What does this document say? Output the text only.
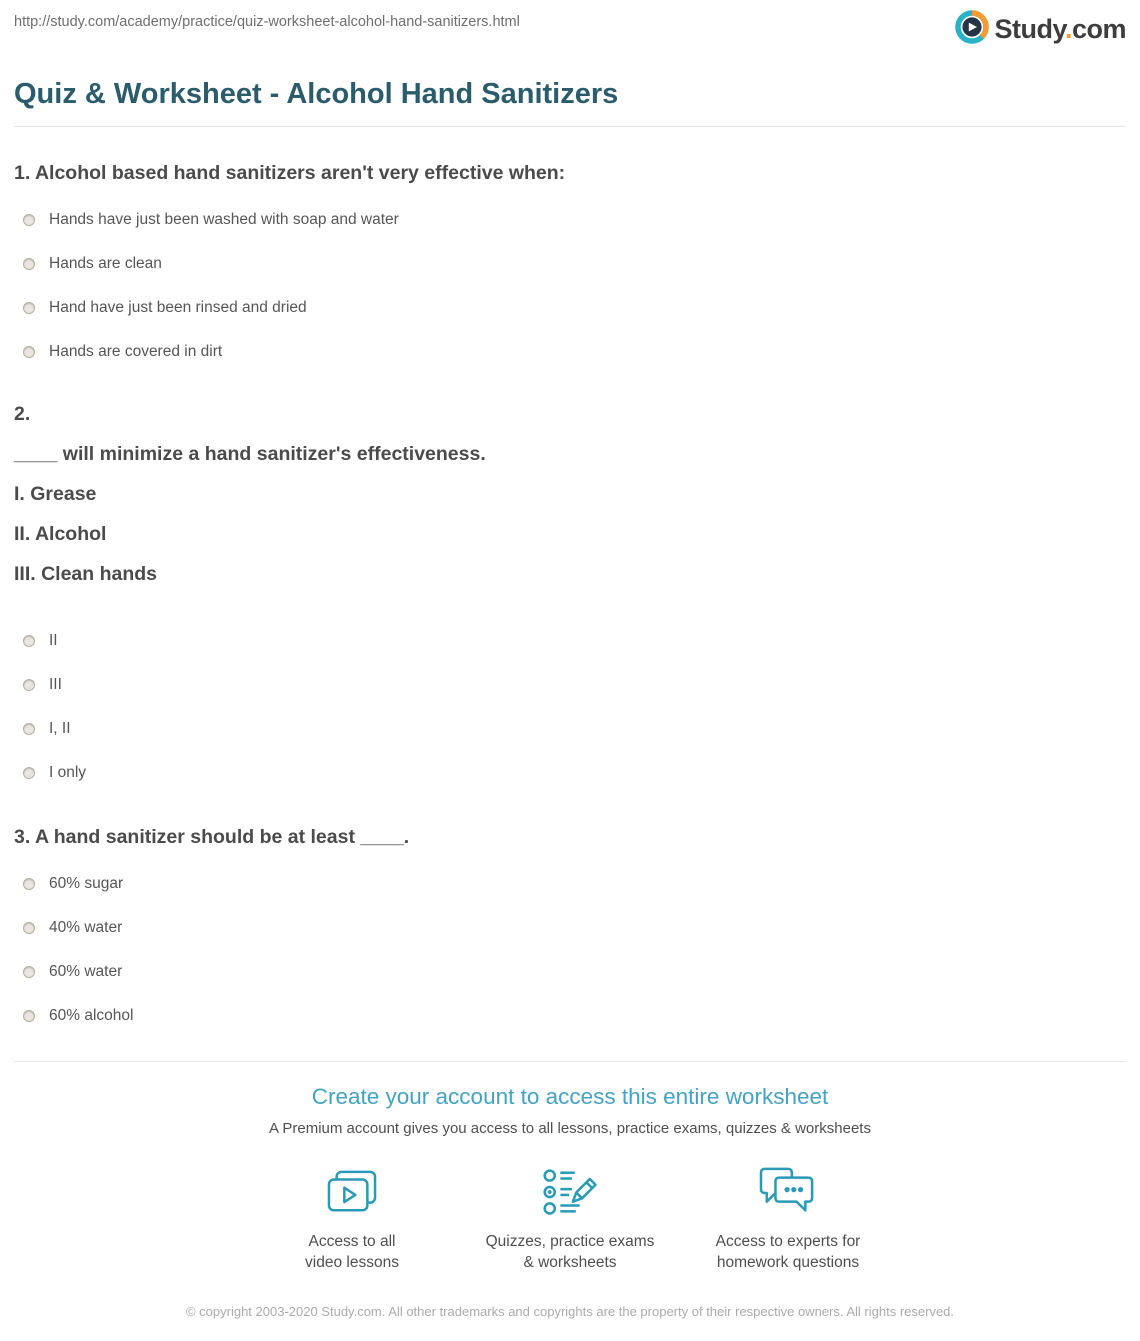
http://study.com/academy/practice/quiz-worksheet-alcohol-hand-sanitizers.html	Study.com
Quiz & Worksheet - Alcohol Hand Sanitizers
1. Alcohol based hand sanitizers aren't very effective when:
Hands have just been washed with soap and water
Hands are clean
Hand have just been rinsed and dried
Hands are covered in dirt
2.
____ will minimize a hand sanitizer's effectiveness.
I. Grease
II. Alcohol
III. Clean hands
II
III
I, II
I only
3. A hand sanitizer should be at least ____.
60% sugar
40% water
60% water
60% alcohol
Create your account to access this entire worksheet
A Premium account gives you access to all lessons, practice exams, quizzes & worksheets
Access to all
video lessons
Quizzes, practice exams
& worksheets
Access to experts for
homework questions
© copyright 2003-2020 Study.com. All other trademarks and copyrights are the property of their respective owners. All rights reserved.
